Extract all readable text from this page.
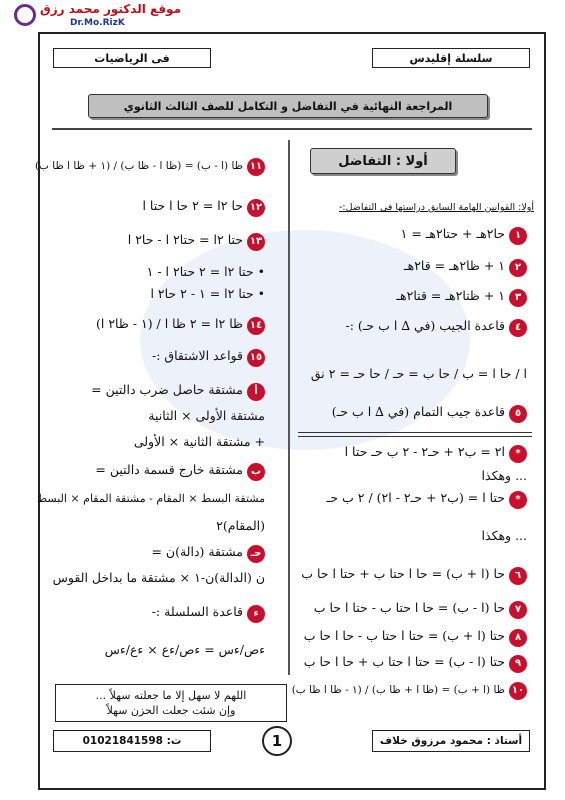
موقع الدكتور محمد رزق
Dr.Mo.RizK
سلسلة إقليدس
فى الرياضيات
المراجعة النهائية في التفاضل و التكامل للصف الثالث الثانوي
أولا : التفاضل
أولا: القوانين الهامة السابق دراستها في التفاضل:-
١حا٢هـ + حتا٢هـ = ١
٢١ + ظا٢هـ = قا٢هـ
٣١ + ظتا٢هـ = قتا٢هـ
٤قاعدة الجيب (في ∆ ا ب حـ) :-
ا / حا ا = ب / حا ب = حـ / حا حـ = ٢ نق
٥قاعدة جيب التمام (في ∆ ا ب حـ)
*ا٢ = ب٢ + حـ٢ - ٢ ب حـ حتا ا
... وهكذا
*حتا ا = (ب٢ + حـ٢ - ا٢) / ٢ ب حـ
... وهكذا
٦حا (ا + ب) = حا ا حتا ب + حتا ا حا ب
٧حا (ا - ب) = حا ا حتا ب - حتا ا حا ب
٨حتا (ا + ب) = حتا ا حتا ب - حا ا حا ب
٩حتا (ا - ب) = حتا ا حتا ب + حا ا حا ب
١٠ظا (ا + ب) = (ظا ا + ظا ب) / (١ - ظا ا ظا ب)
١١ظا (ا - ب) = (ظا ا - ظا ب) / (١ + ظا ا ظا ب)
١٢حا ٢ا = ٢ حا ا حتا ا
١٣حتا ٢ا = حتا٢ ا - حا٢ ا
• حتا ٢ا = ٢ حتا٢ ا - ١
• حتا ٢ا = ١ - ٢ حا٢ ا
١٤ظا ٢ا = ٢ ظا ا / (١ - ظا٢ ا)
١٥قواعد الاشتقاق :-
أمشتقة حاصل ضرب دالتين =
مشتقة الأولى × الثانية
+ مشتقة الثانية × الأولى
بمشتقة خارج قسمة دالتين =
مشتقة البسط × المقام - مشتقة المقام × البسط
(المقام)٢
حـمشتقة (دالة)ن =
ن (الدالة)ن-١ × مشتقة ما بداخل القوس
ءقاعدة السلسلة :-
ءص/ءس = ءص/ءع × ءع/ءس
اللهم لا سهل إلا ما جعلته سهلاً ...
وإن شئت جعلت الحزن سهلاً
أستاذ : محمود مرزوق خلاف
ت: 01021841598	1
